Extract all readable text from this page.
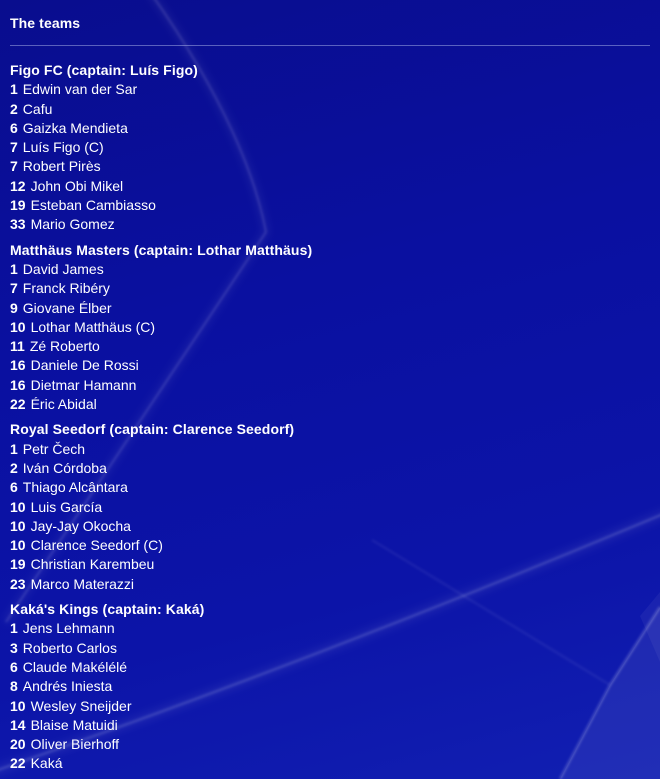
The teams
Figo FC (captain: Luís Figo)
1 Edwin van der Sar
2 Cafu
6 Gaizka Mendieta
7 Luís Figo (C)
7 Robert Pirès
12 John Obi Mikel
19 Esteban Cambiasso
33 Mario Gomez
Matthäus Masters (captain: Lothar Matthäus)
1 David James
7 Franck Ribéry
9 Giovane Élber
10 Lothar Matthäus (C)
11 Zé Roberto
16 Daniele De Rossi
16 Dietmar Hamann
22 Éric Abidal
Royal Seedorf (captain: Clarence Seedorf)
1 Petr Čech
2 Iván Córdoba
6 Thiago Alcântara
10 Luis García
10 Jay-Jay Okocha
10 Clarence Seedorf (C)
19 Christian Karembeu
23 Marco Materazzi
Kaká's Kings (captain: Kaká)
1 Jens Lehmann
3 Roberto Carlos
6 Claude Makélélé
8 Andrés Iniesta
10 Wesley Sneijder
14 Blaise Matuidi
20 Oliver Bierhoff
22 Kaká
